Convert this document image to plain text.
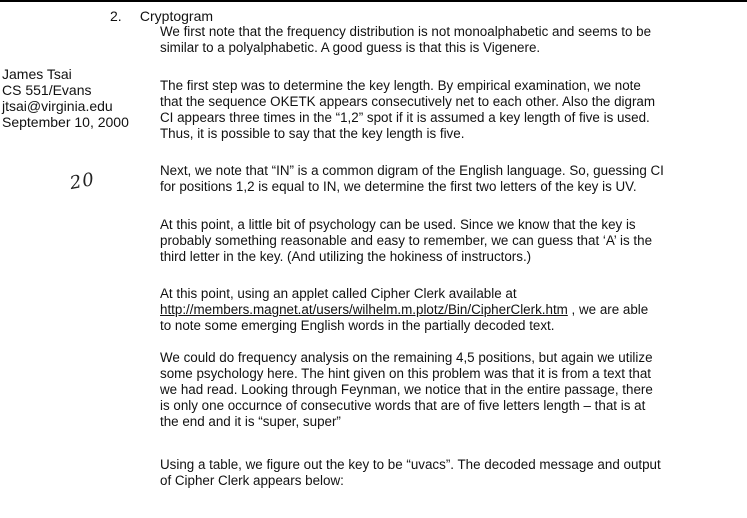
2. Cryptogram
James Tsai
CS 551/Evans
jtsai@virginia.edu
September 10, 2000
20
We first note that the frequency distribution is not monoalphabetic and seems to be
similar to a polyalphabetic. A good guess is that this is Vigenere.
The first step was to determine the key length. By empirical examination, we note
that the sequence OKETK appears consecutively net to each other. Also the digram
CI appears three times in the “1,2” spot if it is assumed a key length of five is used.
Thus, it is possible to say that the key length is five.
Next, we note that “IN” is a common digram of the English language. So, guessing CI
for positions 1,2 is equal to IN, we determine the first two letters of the key is UV.
At this point, a little bit of psychology can be used. Since we know that the key is
probably something reasonable and easy to remember, we can guess that ‘A’ is the
third letter in the key. (And utilizing the hokiness of instructors.)
At this point, using an applet called Cipher Clerk available at
http://members.magnet.at/users/wilhelm.m.plotz/Bin/CipherClerk.htm , we are able
to note some emerging English words in the partially decoded text.
We could do frequency analysis on the remaining 4,5 positions, but again we utilize
some psychology here. The hint given on this problem was that it is from a text that
we had read. Looking through Feynman, we notice that in the entire passage, there
is only one occurnce of consecutive words that are of five letters length – that is at
the end and it is “super, super”
Using a table, we figure out the key to be “uvacs”. The decoded message and output
of Cipher Clerk appears below:
